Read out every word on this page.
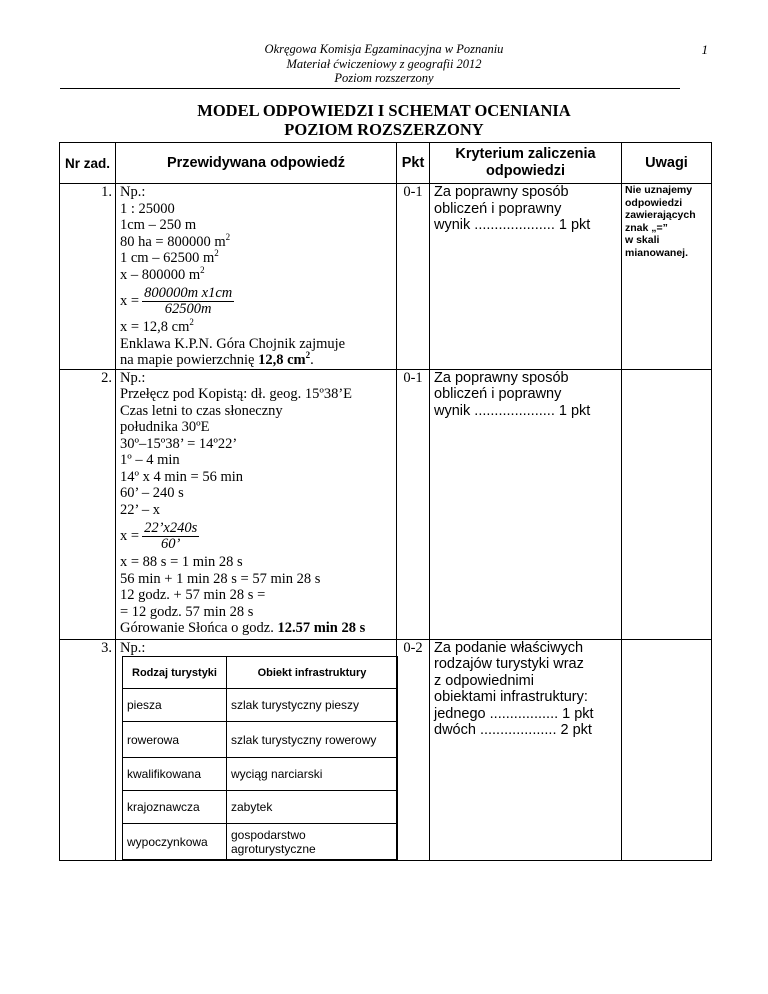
Okręgowa Komisja Egzaminacyjna w Poznaniu
Materiał ćwiczeniowy z geografii 2012
Poziom rozszerzony
1
MODEL ODPOWIEDZI I SCHEMAT OCENIANIA
POZIOM ROZSZERZONY
Nr zad.	Przewidywana odpowiedź	Pkt	Kryterium zaliczenia odpowiedzi	Uwagi
1.	Np.:
1 : 25000
1cm – 250 m
80 ha = 800000 $m^2$
1 cm – 62500 $m^2$
x – 800000 $m^2$
$x = \frac{\text{800000m x1cm}}{62500m}$
x = 12,8 $cm^2$
Enklawa K.P.N. Góra Chojnik zajmuje
na mapie powierzchnię 12,8 $cm^2$.
	0-1	Za poprawny sposób
obliczeń i poprawny
wynik .................... 1 pkt

Nie uznajemy
odpowiedzi
zawierających
znak „=”
w skali
mianowanej.

2.	Np.:
Przełęcz pod Kopistą: dł. geog. 15º38’E
Czas letni to czas słoneczny
południka 30ºE
30º–15º38’ = 14º22’
1º – 4 min
14º x 4 min = 56 min
60’ – 240 s
22’ – x
$x = \frac{22’x240s}{60’}$
x = 88 s = 1 min 28 s
56 min + 1 min 28 s = 57 min 28 s
12 godz. + 57 min 28 s =
= 12 godz. 57 min 28 s
Górowanie Słońca o godz. 12.57 min 28 s
	0-1	Za poprawny sposób
obliczeń i poprawny
wynik .................... 1 pkt

3.	Np.:
Rodzaj turystyki	Obiekt infrastruktury
piesza	szlak turystyczny pieszy
rowerowa	szlak turystyczny rowerowy
kwalifikowana	wyciąg narciarski
krajoznawcza	zabytek
wypoczynkowa	gospodarstwo agroturystyczne
	0-2	Za podanie właściwych
rodzajów turystyki wraz
z odpowiednimi
obiektami infrastruktury:
jednego ................. 1 pkt
dwóch ................... 2 pkt
